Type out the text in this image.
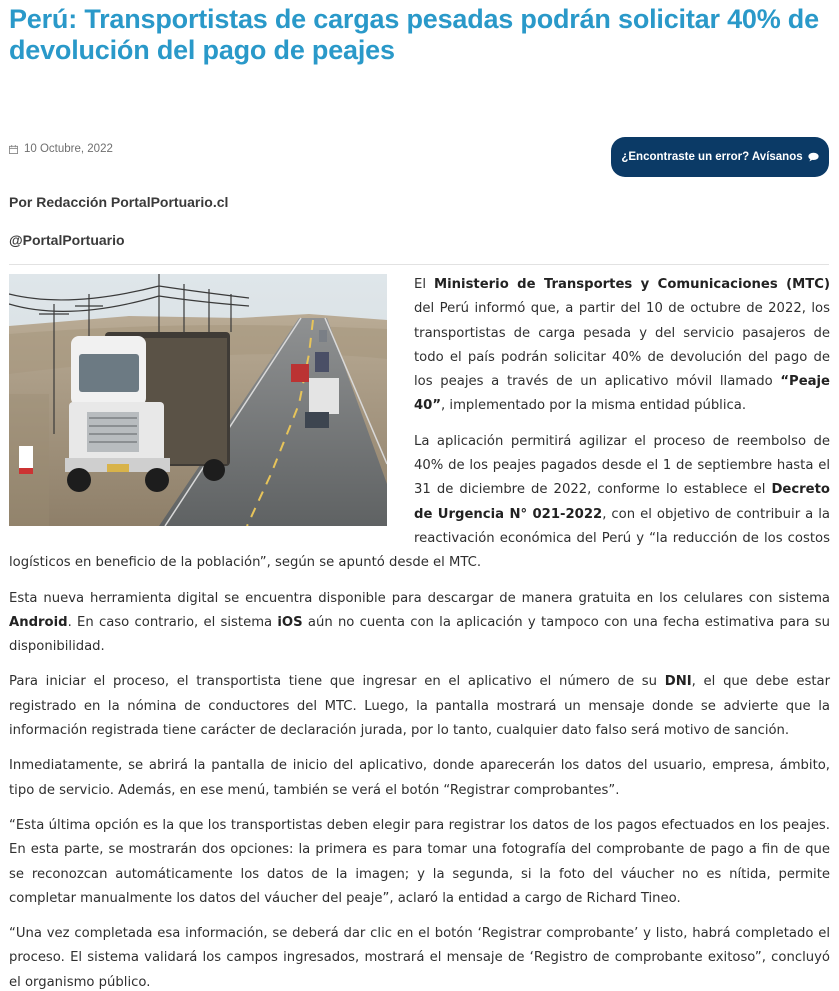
Perú: Transportistas de cargas pesadas podrán solicitar 40% de devolución del pago de peajes
10 Octubre, 2022
¿Encontraste un error? Avísanos
Por Redacción PortalPortuario.cl
@PortalPortuario

El Ministerio de Transportes y Comunicaciones (MTC) del Perú informó que, a partir del 10 de octubre de 2022, los transportistas de carga pesada y del servicio pasajeros de todo el país podrán solicitar 40% de devolución del pago de los peajes a través de un aplicativo móvil llamado “Peaje 40”, implementado por la misma entidad pública.

La aplicación permitirá agilizar el proceso de reembolso de 40% de los peajes pagados desde el 1 de septiembre hasta el 31 de diciembre de 2022, conforme lo establece el Decreto de Urgencia N° 021-2022, con el objetivo de contribuir a la reactivación económica del Perú y “la reducción de los costos logísticos en beneficio de la población”, según se apuntó desde el MTC.

Esta nueva herramienta digital se encuentra disponible para descargar de manera gratuita en los celulares con sistema Android. En caso contrario, el sistema iOS aún no cuenta con la aplicación y tampoco con una fecha estimativa para su disponibilidad.

Para iniciar el proceso, el transportista tiene que ingresar en el aplicativo el número de su DNI, el que debe estar registrado en la nómina de conductores del MTC. Luego, la pantalla mostrará un mensaje donde se advierte que la información registrada tiene carácter de declaración jurada, por lo tanto, cualquier dato falso será motivo de sanción.

Inmediatamente, se abrirá la pantalla de inicio del aplicativo, donde aparecerán los datos del usuario, empresa, ámbito, tipo de servicio. Además, en ese menú, también se verá el botón “Registrar comprobantes”.

“Esta última opción es la que los transportistas deben elegir para registrar los datos de los pagos efectuados en los peajes. En esta parte, se mostrarán dos opciones: la primera es para tomar una fotografía del comprobante de pago a fin de que se reconozcan automáticamente los datos de la imagen; y la segunda, si la foto del váucher no es nítida, permite completar manualmente los datos del váucher del peaje”, aclaró la entidad a cargo de Richard Tineo.

“Una vez completada esa información, se deberá dar clic en el botón ‘Registrar comprobante’ y listo, habrá completado el proceso. El sistema validará los campos ingresados, mostrará el mensaje de ‘Registro de comprobante exitoso”, concluyó el organismo público.
